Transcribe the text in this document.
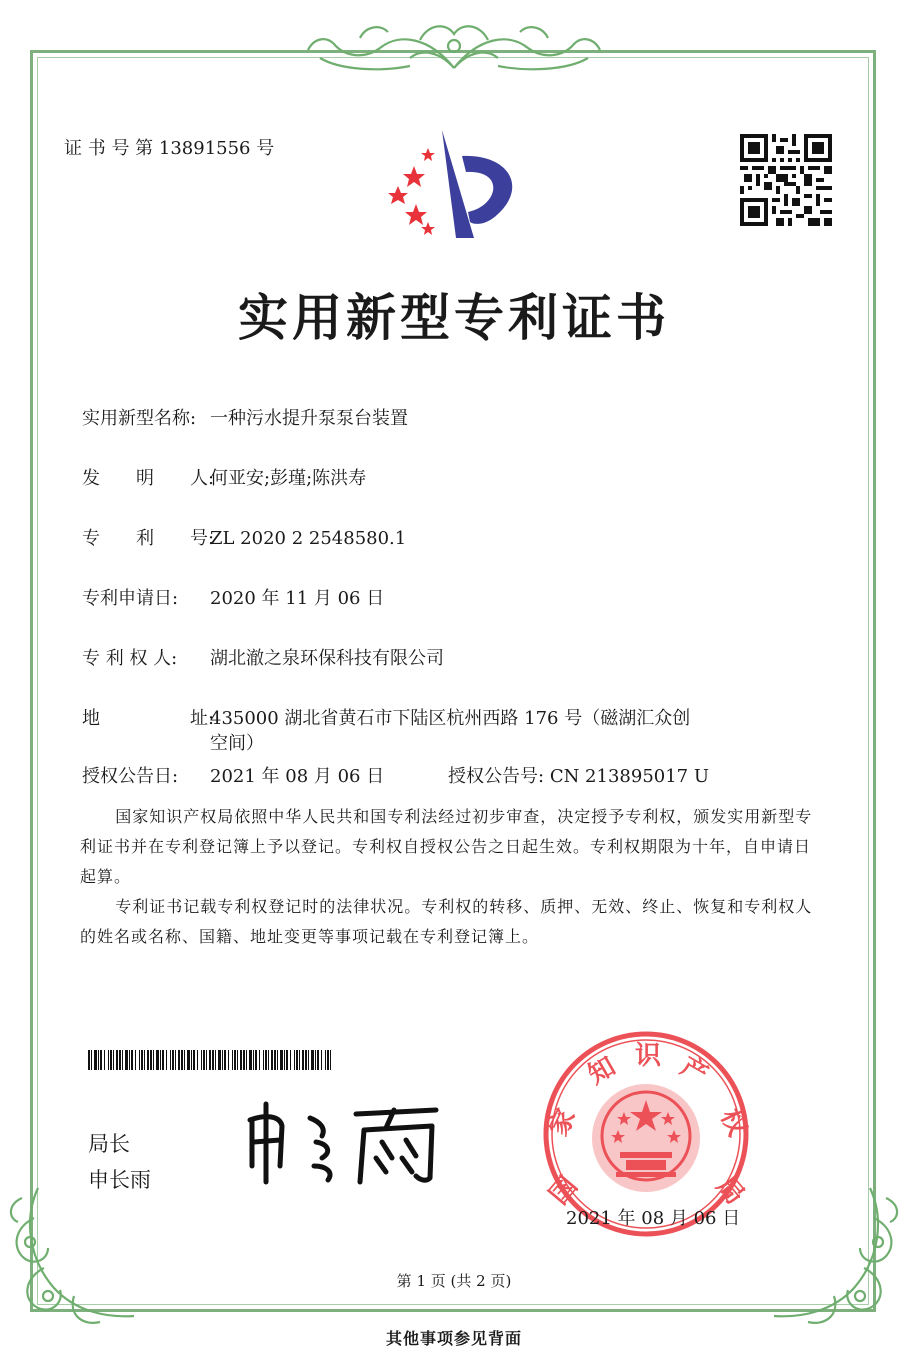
证 书 号 第 13891556 号
实用新型专利证书
实用新型名称: 一种污水提升泵泵台装置
发　　明　　人:何亚安;彭瑾;陈洪寿
专　　利　　号:ZL 2020 2 2548580.1
专利申请日: 2020 年 11 月 06 日
专 利 权 人: 湖北澈之泉环保科技有限公司
地　　　　　址:435000 湖北省黄石市下陆区杭州西路 176 号（磁湖汇众创
空间）
授权公告日: 2021 年 08 月 06 日	授权公告号: CN 213895017 U
国家知识产权局依照中华人民共和国专利法经过初步审查，决定授予专利权，颁发实用新型专利证书并在专利登记簿上予以登记。专利权自授权公告之日起生效。专利权期限为十年，自申请日起算。
专利证书记载专利权登记时的法律状况。专利权的转移、质押、无效、终止、恢复和专利权人的姓名或名称、国籍、地址变更等事项记载在专利登记簿上。
局长
申长雨	国
家
知 识 产
权
局
2021 年 08 月 06 日
第 1 页 (共 2 页)
其他事项参见背面
